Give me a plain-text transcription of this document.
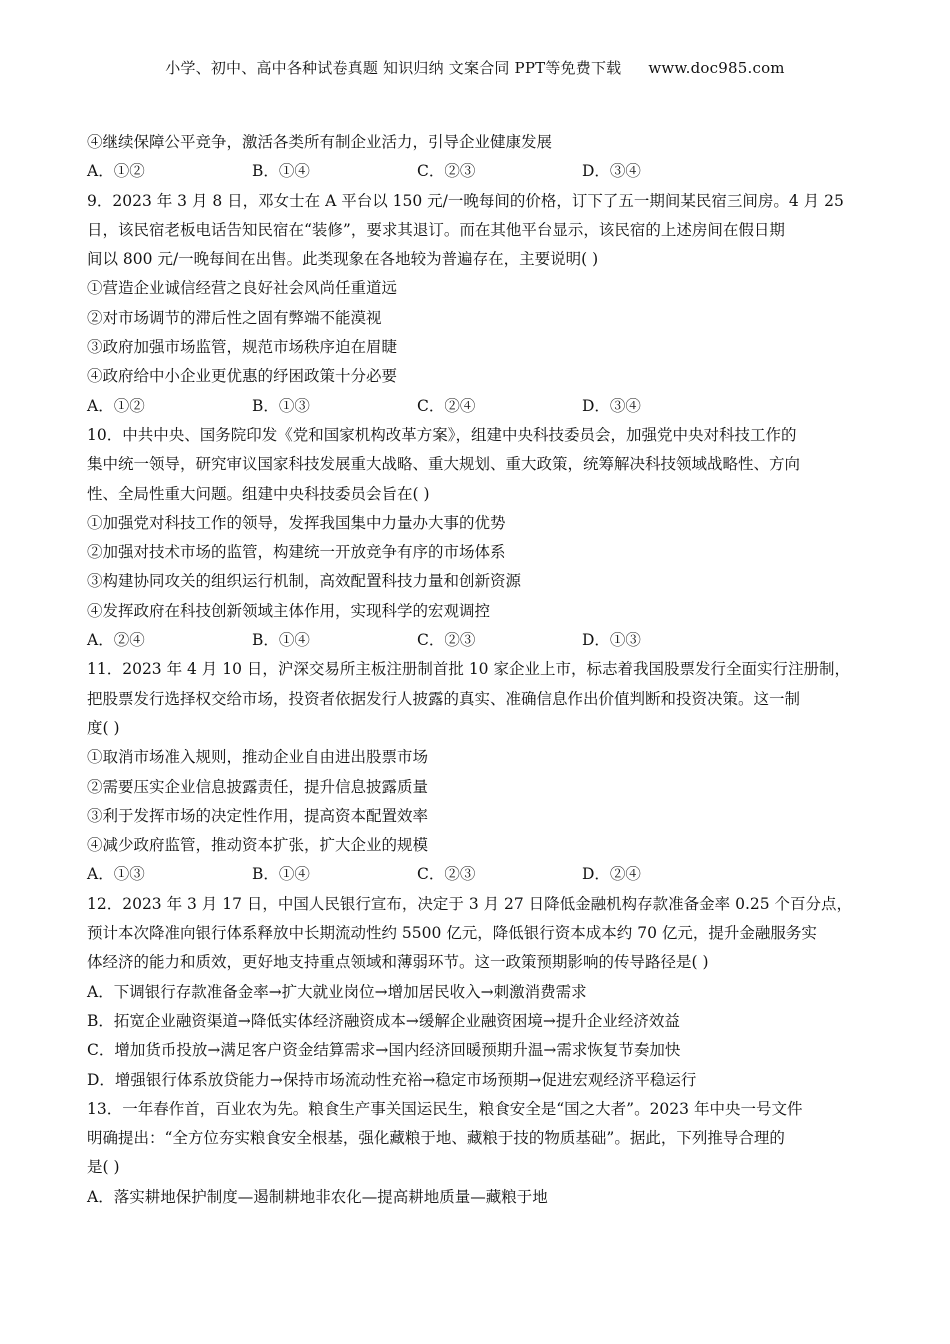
小学、初中、高中各种试卷真题 知识归纳 文案合同 PPT等免费下载 www.doc985.com
④继续保障公平竞争，激活各类所有制企业活力，引导企业健康发展
A．①②	B．①④	C．②③	D．③④
9．2023 年 3 月 8 日，邓女士在 A 平台以 150 元/一晚每间的价格，订下了五一期间某民宿三间房。4 月 25
日，该民宿老板电话告知民宿在“装修”，要求其退订。而在其他平台显示，该民宿的上述房间在假日期
间以 800 元/一晚每间在出售。此类现象在各地较为普遍存在，主要说明( )
①营造企业诚信经营之良好社会风尚任重道远
②对市场调节的滞后性之固有弊端不能漠视
③政府加强市场监管，规范市场秩序迫在眉睫
④政府给中小企业更优惠的纾困政策十分必要
A．①②	B．①③	C．②④	D．③④
10．中共中央、国务院印发《党和国家机构改革方案》，组建中央科技委员会，加强党中央对科技工作的
集中统一领导，研究审议国家科技发展重大战略、重大规划、重大政策，统筹解决科技领域战略性、方向
性、全局性重大问题。组建中央科技委员会旨在( )
①加强党对科技工作的领导，发挥我国集中力量办大事的优势
②加强对技术市场的监管，构建统一开放竞争有序的市场体系
③构建协同攻关的组织运行机制，高效配置科技力量和创新资源
④发挥政府在科技创新领域主体作用，实现科学的宏观调控
A．②④	B．①④	C．②③	D．①③
11．2023 年 4 月 10 日，沪深交易所主板注册制首批 10 家企业上市，标志着我国股票发行全面实行注册制，
把股票发行选择权交给市场，投资者依据发行人披露的真实、准确信息作出价值判断和投资决策。这一制
度( )
①取消市场准入规则，推动企业自由进出股票市场
②需要压实企业信息披露责任，提升信息披露质量
③利于发挥市场的决定性作用，提高资本配置效率
④减少政府监管，推动资本扩张，扩大企业的规模
A．①③	B．①④	C．②③	D．②④
12．2023 年 3 月 17 日，中国人民银行宣布，决定于 3 月 27 日降低金融机构存款准备金率 0.25 个百分点，
预计本次降准向银行体系释放中长期流动性约 5500 亿元，降低银行资本成本约 70 亿元，提升金融服务实
体经济的能力和质效，更好地支持重点领域和薄弱环节。这一政策预期影响的传导路径是( )
A．下调银行存款准备金率→扩大就业岗位→增加居民收入→刺激消费需求
B．拓宽企业融资渠道→降低实体经济融资成本→缓解企业融资困境→提升企业经济效益
C．增加货币投放→满足客户资金结算需求→国内经济回暖预期升温→需求恢复节奏加快
D．增强银行体系放贷能力→保持市场流动性充裕→稳定市场预期→促进宏观经济平稳运行
13．一年春作首，百业农为先。粮食生产事关国运民生，粮食安全是“国之大者”。2023 年中央一号文件
明确提出：“全方位夯实粮食安全根基，强化藏粮于地、藏粮于技的物质基础”。据此，下列推导合理的
是( )
A．落实耕地保护制度—遏制耕地非农化—提高耕地质量—藏粮于地
